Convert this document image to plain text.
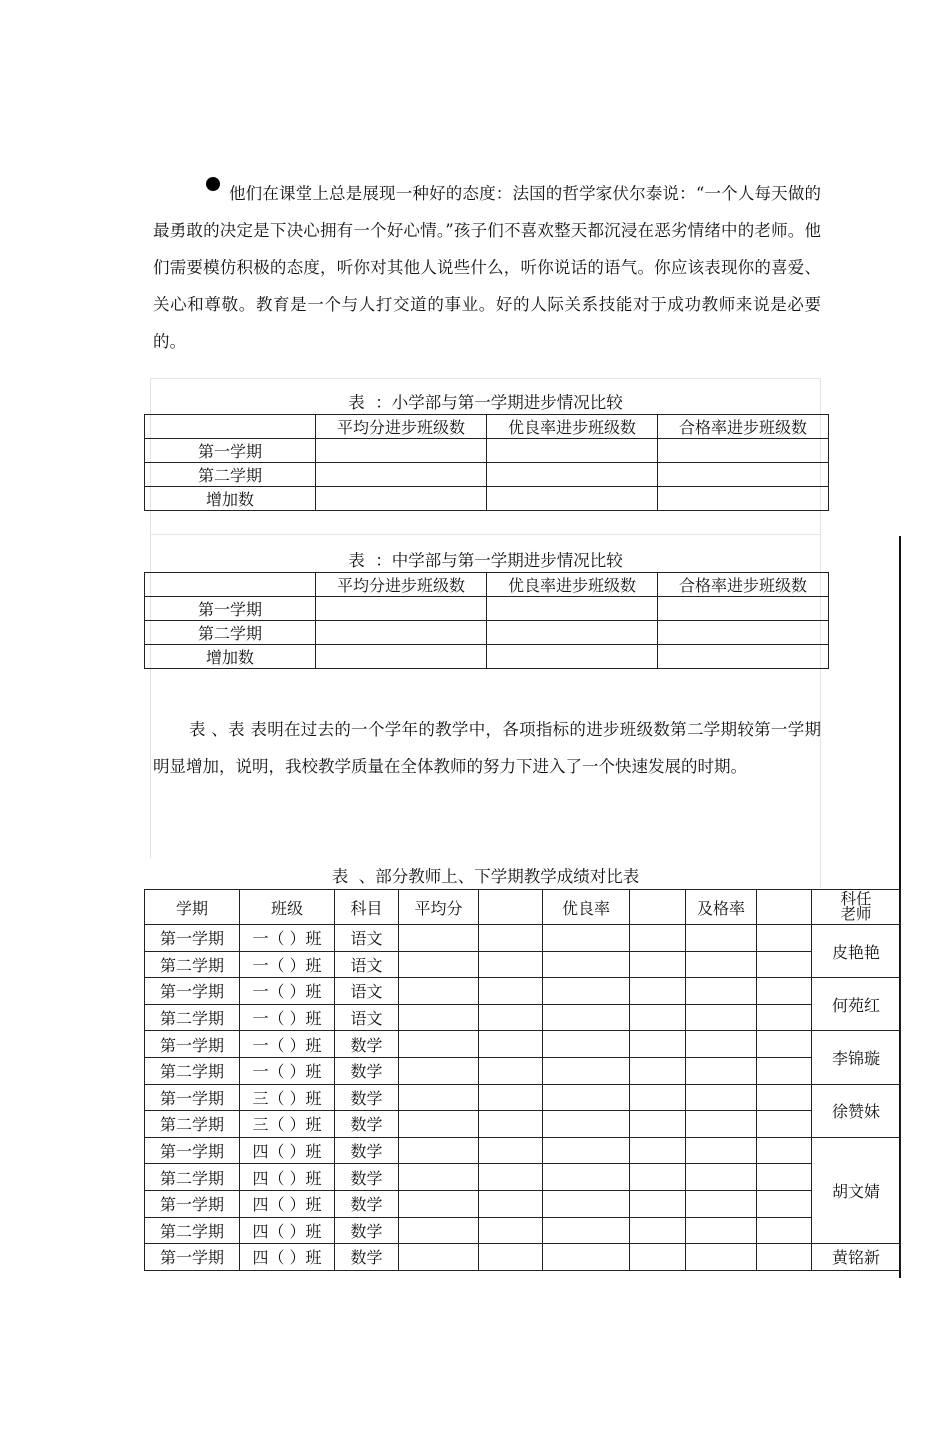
他们在课堂上总是展现一种好的态度：法国的哲学家伏尔泰说：“一个人每天做的最勇敢的决定是下决心拥有一个好心情。”孩子们不喜欢整天都沉浸在恶劣情绪中的老师。他们需要模仿积极的态度，听你对其他人说些什么，听你说话的语气。你应该表现你的喜爱、关心和尊敬。教育是一个与人打交道的事业。好的人际关系技能对于成功教师来说是必要的。

表  ：小学部与第一学期进步情况比较
	平均分进步班级数	优良率进步班级数	合格率进步班级数
第一学期			
第二学期			
增加数			
表  ：中学部与第一学期进步情况比较
	平均分进步班级数	优良率进步班级数	合格率进步班级数
第一学期			
第二学期			
增加数			

表 、表 表明在过去的一个学年的教学中，各项指标的进步班级数第二学期较第一学期明显增加，说明，我校教学质量在全体教师的努力下进入了一个快速发展的时期。

表  、部分教师上、下学期教学成绩对比表
学期	班级	科目	平均分		优良率		及格率		科任
老师
第一学期	一（ ）班	语文							皮艳艳
第二学期	一（ ）班	语文							
第一学期	一（ ）班	语文							何苑红
第二学期	一（ ）班	语文							
第一学期	一（ ）班	数学							李锦璇
第二学期	一（ ）班	数学							
第一学期	三（ ）班	数学							徐赞妹
第二学期	三（ ）班	数学							
第一学期	四（ ）班	数学							胡文婧
第二学期	四（ ）班	数学							
第一学期	四（ ）班	数学							
第二学期	四（ ）班	数学							
第一学期	四（ ）班	数学							黄铭新
